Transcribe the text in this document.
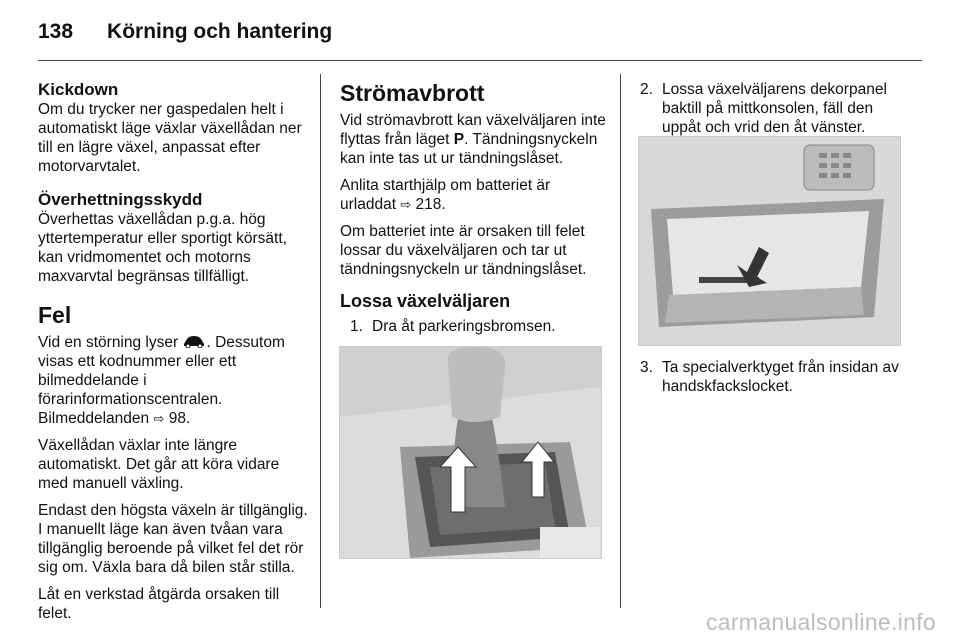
138 Körning och hantering
Kickdown

Om du trycker ner gaspedalen helt i automatiskt läge växlar växellådan ner till en lägre växel, anpassat efter motorvarvtalet.

Överhettningsskydd

Överhettas växellådan p.g.a. hög yttertemperatur eller sportigt körsätt, kan vridmomentet och motorns maxvarvtal begränsas tillfälligt.

Fel

Vid en störning lyser . Dessutom visas ett kodnummer eller ett bilmeddelande i förarinformationscentralen. Bilmeddelanden ⇨ 98.

Växellådan växlar inte längre automatiskt. Det går att köra vidare med manuell växling.

Endast den högsta växeln är tillgänglig. I manuellt läge kan även tvåan vara tillgänglig beroende på vilket fel det rör sig om. Växla bara då bilen står stilla.

Låt en verkstad åtgärda orsaken till felet.

Strömavbrott

Vid strömavbrott kan växelväljaren inte flyttas från läget P. Tändningsnyckeln kan inte tas ut ur tändningslåset.

Anlita starthjälp om batteriet är urladdat ⇨ 218.

Om batteriet inte är orsaken till felet lossar du växelväljaren och tar ut tändningsnyckeln ur tändningslåset.

Lossa växelväljaren
1. Dra åt parkeringsbromsen.
2. Lossa växelväljarens dekorpanel baktill på mittkonsolen, fäll den uppåt och vrid den åt vänster.
3. Ta specialverktyget från insidan av handskfackslocket.
carmanualsonline.info
